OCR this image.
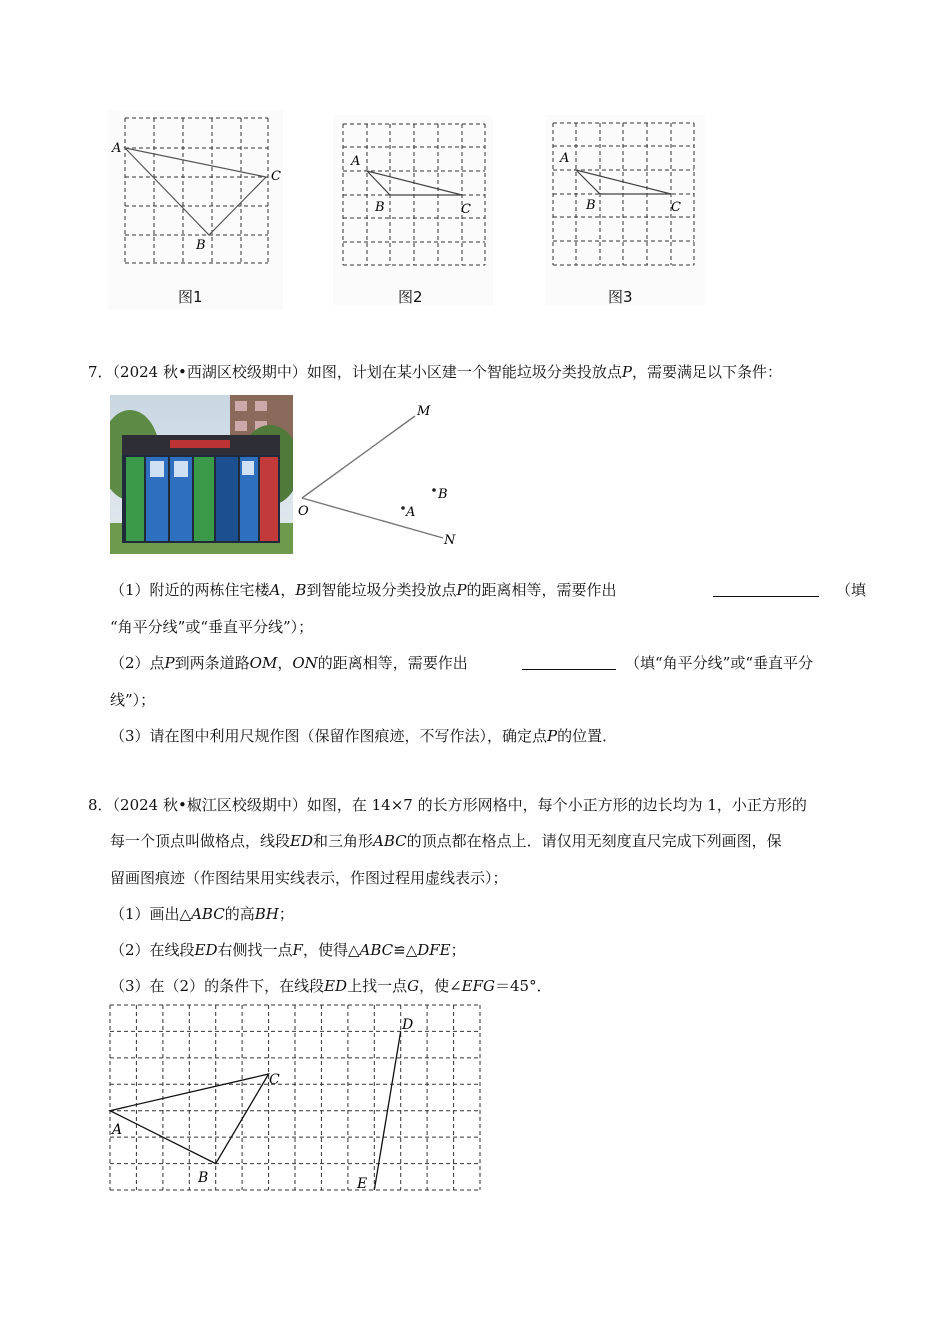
A
C
B
图1
A
B	C
图2
A
B	C
图3
7．（2024 秋•西湖区校级期中）如图，计划在某小区建一个智能垃圾分类投放点P，需要满足以下条件：
M
O
N
B
A
（1）附近的两栋住宅楼A，B到智能垃圾分类投放点P的距离相等，需要作出	（填
“角平分线”或“垂直平分线”）；
（2）点P到两条道路OM，ON的距离相等，需要作出	（填“角平分线”或“垂直平分
线”）；
（3）请在图中利用尺规作图（保留作图痕迹，不写作法），确定点P的位置．
8．（2024 秋•椒江区校级期中）如图，在 14×7 的长方形网格中，每个小正方形的边长均为 1，小正方形的
每一个顶点叫做格点，线段ED和三角形ABC的顶点都在格点上．请仅用无刻度直尺完成下列画图，保
留画图痕迹（作图结果用实线表示，作图过程用虚线表示）；
（1）画出△ABC的高BH；
（2）在线段ED右侧找一点F，使得△ABC≌△DFE；
（3）在（2）的条件下，在线段ED上找一点G，使∠EFG＝45°．
A
C
B
D
E
